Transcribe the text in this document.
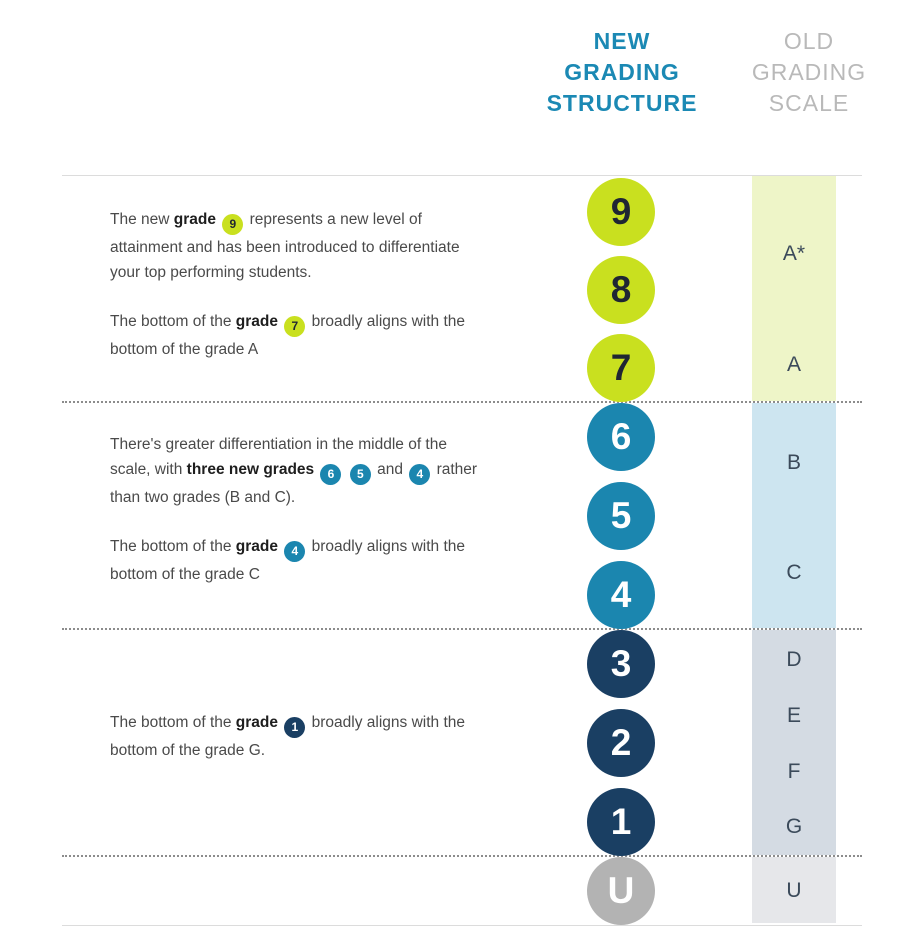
NEW
GRADING
STRUCTURE
OLD
GRADING
SCALE
9
8
7
6
5
4
3
2
1
U
A*
A
B
C
D
E
F
G
U

The new grade 9 represents a new level of attainment and has been introduced to differentiate your top performing students.

The bottom of the grade 7 broadly aligns with the bottom of the grade A

There's greater differentiation in the middle of the scale, with three new grades 6 5 and 4 rather than two grades (B and C).

The bottom of the grade 4 broadly aligns with the bottom of the grade C

The bottom of the grade 1 broadly aligns with the bottom of the grade G.
